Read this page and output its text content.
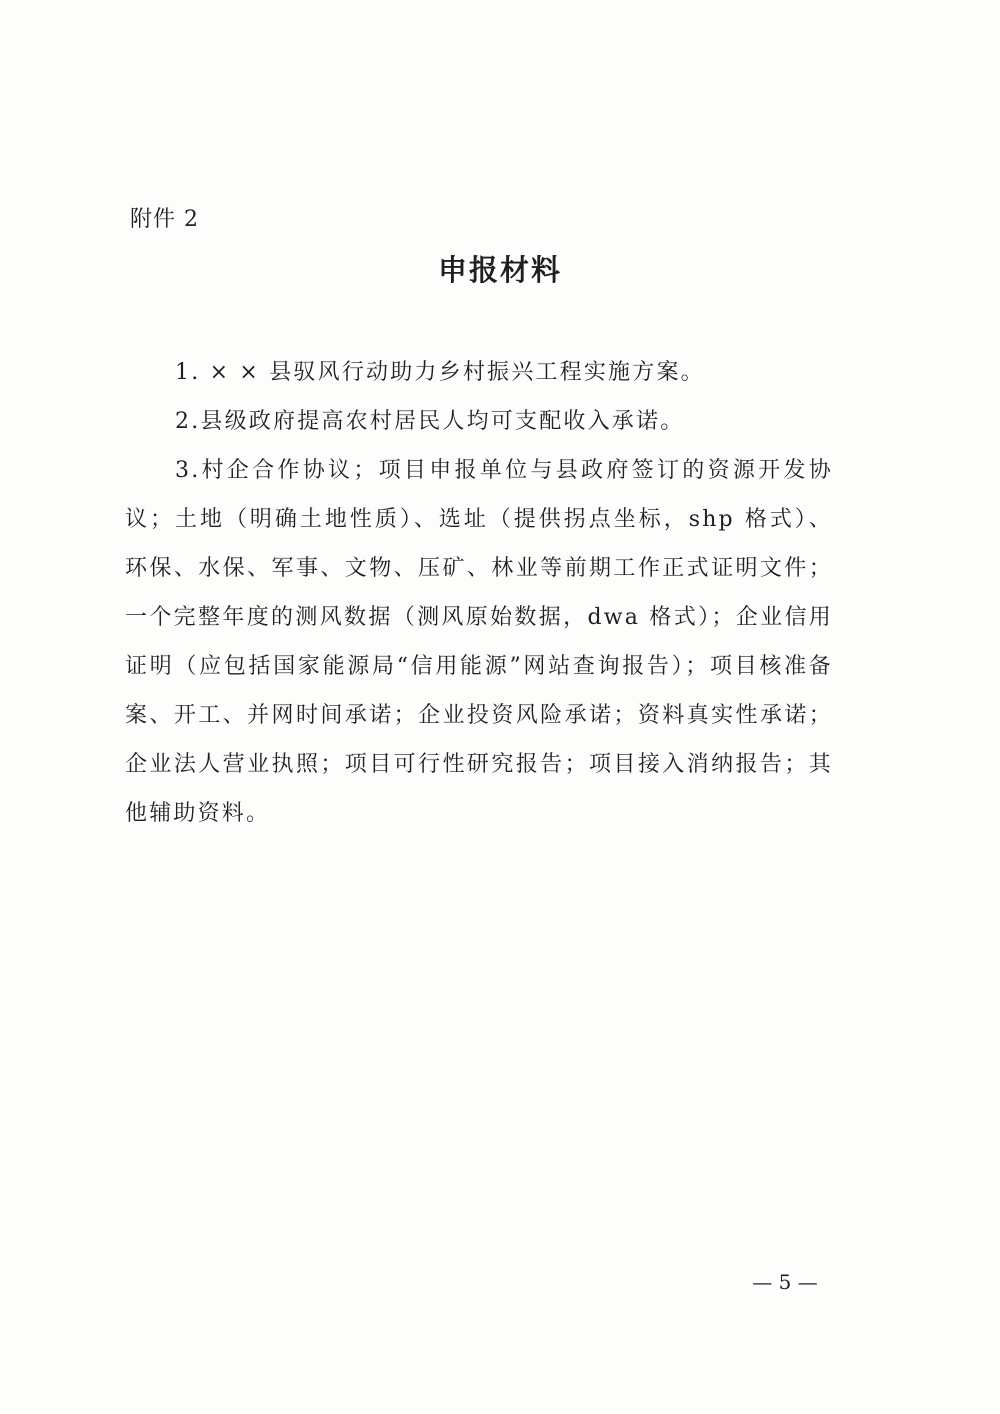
附件 2

申报材料

1. × × 县驭风行动助力乡村振兴工程实施方案。

2.县级政府提高农村居民人均可支配收入承诺。

3.村企合作协议；项目申报单位与县政府签订的资源开发协议；土地（明确土地性质）、选址（提供拐点坐标，shp 格式）、环保、水保、军事、文物、压矿、林业等前期工作正式证明文件；一个完整年度的测风数据（测风原始数据，dwa 格式）；企业信用证明（应包括国家能源局“信用能源”网站查询报告）；项目核准备案、开工、并网时间承诺；企业投资风险承诺；资料真实性承诺；企业法人营业执照；项目可行性研究报告；项目接入消纳报告；其他辅助资料。

— 5 —
